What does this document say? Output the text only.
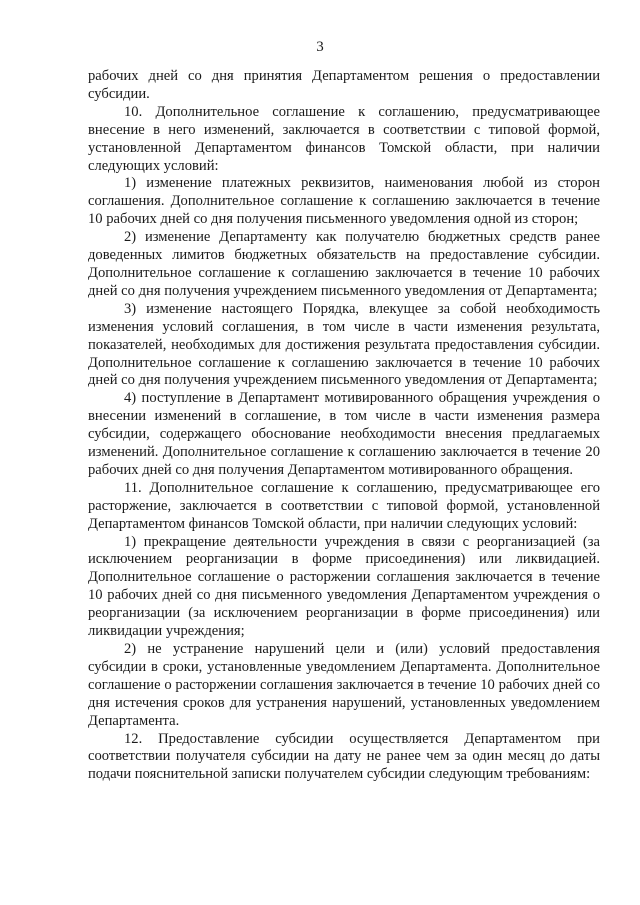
3

рабочих дней со дня принятия Департаментом решения о предоставлении субсидии.

10. Дополнительное соглашение к соглашению, предусматривающее внесение в него изменений, заключается в соответствии с типовой формой, установленной Департаментом финансов Томской области, при наличии следующих условий:

1) изменение платежных реквизитов, наименования любой из сторон соглашения. Дополнительное соглашение к соглашению заключается в течение 10 рабочих дней со дня получения письменного уведомления одной из сторон;

2) изменение Департаменту как получателю бюджетных средств ранее доведенных лимитов бюджетных обязательств на предоставление субсидии. Дополнительное соглашение к соглашению заключается в течение 10 рабочих дней со дня получения учреждением письменного уведомления от Департамента;

3) изменение настоящего Порядка, влекущее за собой необходимость изменения условий соглашения, в том числе в части изменения результата, показателей, необходимых для достижения результата предоставления субсидии. Дополнительное соглашение к соглашению заключается в течение 10 рабочих дней со дня получения учреждением письменного уведомления от Департамента;

4) поступление в Департамент мотивированного обращения учреждения о внесении изменений в соглашение, в том числе в части изменения размера субсидии, содержащего обоснование необходимости внесения предлагаемых изменений. Дополнительное соглашение к соглашению заключается в течение 20 рабочих дней со дня получения Департаментом мотивированного обращения.

11. Дополнительное соглашение к соглашению, предусматривающее его расторжение, заключается в соответствии с типовой формой, установленной Департаментом финансов Томской области, при наличии следующих условий:

1) прекращение деятельности учреждения в связи с реорганизацией (за исключением реорганизации в форме присоединения) или ликвидацией. Дополнительное соглашение о расторжении соглашения заключается в течение 10 рабочих дней со дня письменного уведомления Департаментом учреждения о реорганизации (за исключением реорганизации в форме присоединения) или ликвидации учреждения;

2) не устранение нарушений цели и (или) условий предоставления субсидии в сроки, установленные уведомлением Департамента. Дополнительное соглашение о расторжении соглашения заключается в течение 10 рабочих дней со дня истечения сроков для устранения нарушений, установленных уведомлением Департамента.

12. Предоставление субсидии осуществляется Департаментом при соответствии получателя субсидии на дату не ранее чем за один месяц до даты подачи пояснительной записки получателем субсидии следующим требованиям:
